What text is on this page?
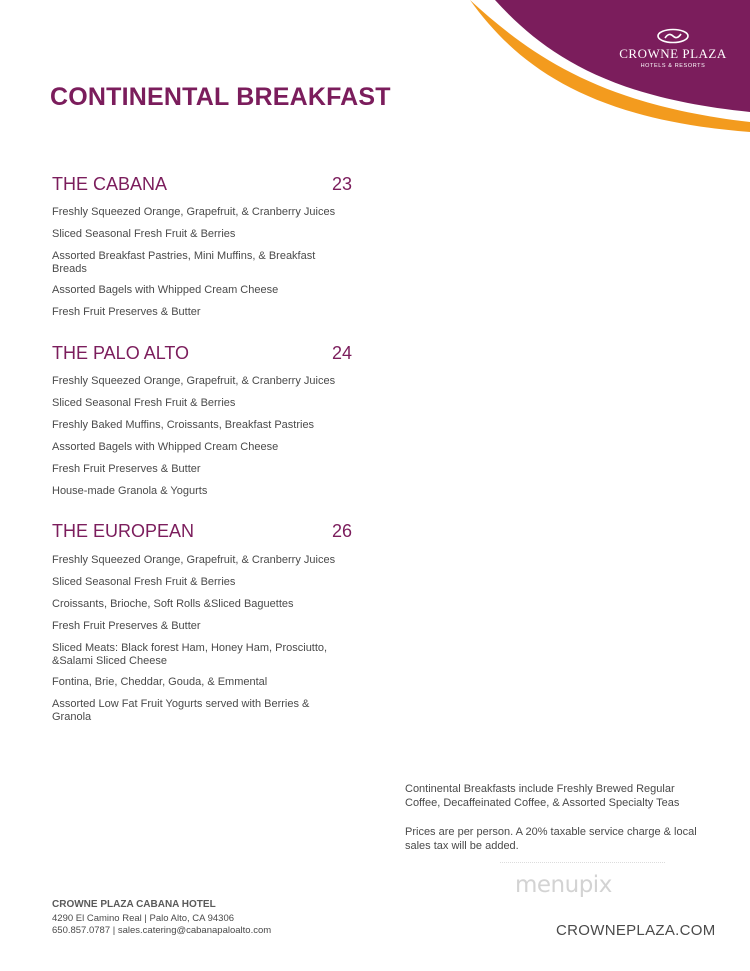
CROWNE PLAZA
HOTELS & RESORTS
CONTINENTAL BREAKFAST
THE CABANA	23
Freshly Squeezed Orange, Grapefruit, & Cranberry Juices
Sliced Seasonal Fresh Fruit & Berries
Assorted Breakfast Pastries, Mini Muffins, & Breakfast Breads
Assorted Bagels with Whipped Cream Cheese
Fresh Fruit Preserves & Butter
THE PALO ALTO	24
Freshly Squeezed Orange, Grapefruit, & Cranberry Juices
Sliced Seasonal Fresh Fruit & Berries
Freshly Baked Muffins, Croissants, Breakfast Pastries
Assorted Bagels with Whipped Cream Cheese
Fresh Fruit Preserves & Butter
House-made Granola & Yogurts
THE EUROPEAN	26
Freshly Squeezed Orange, Grapefruit, & Cranberry Juices
Sliced Seasonal Fresh Fruit & Berries
Croissants, Brioche, Soft Rolls &Sliced Baguettes
Fresh Fruit Preserves & Butter
Sliced Meats: Black forest Ham, Honey Ham, Prosciutto, &Salami Sliced Cheese
Fontina, Brie, Cheddar, Gouda, & Emmental
Assorted Low Fat Fruit Yogurts served with Berries & Granola
Continental Breakfasts include Freshly Brewed Regular Coffee, Decaffeinated Coffee, & Assorted Specialty Teas
Prices are per person. A 20% taxable service charge & local sales tax will be added.
menupix
CROWNE PLAZA CABANA HOTEL
4290 El Camino Real | Palo Alto, CA 94306
650.857.0787 | sales.catering@cabanapaloalto.com	CROWNEPLAZA.COM
